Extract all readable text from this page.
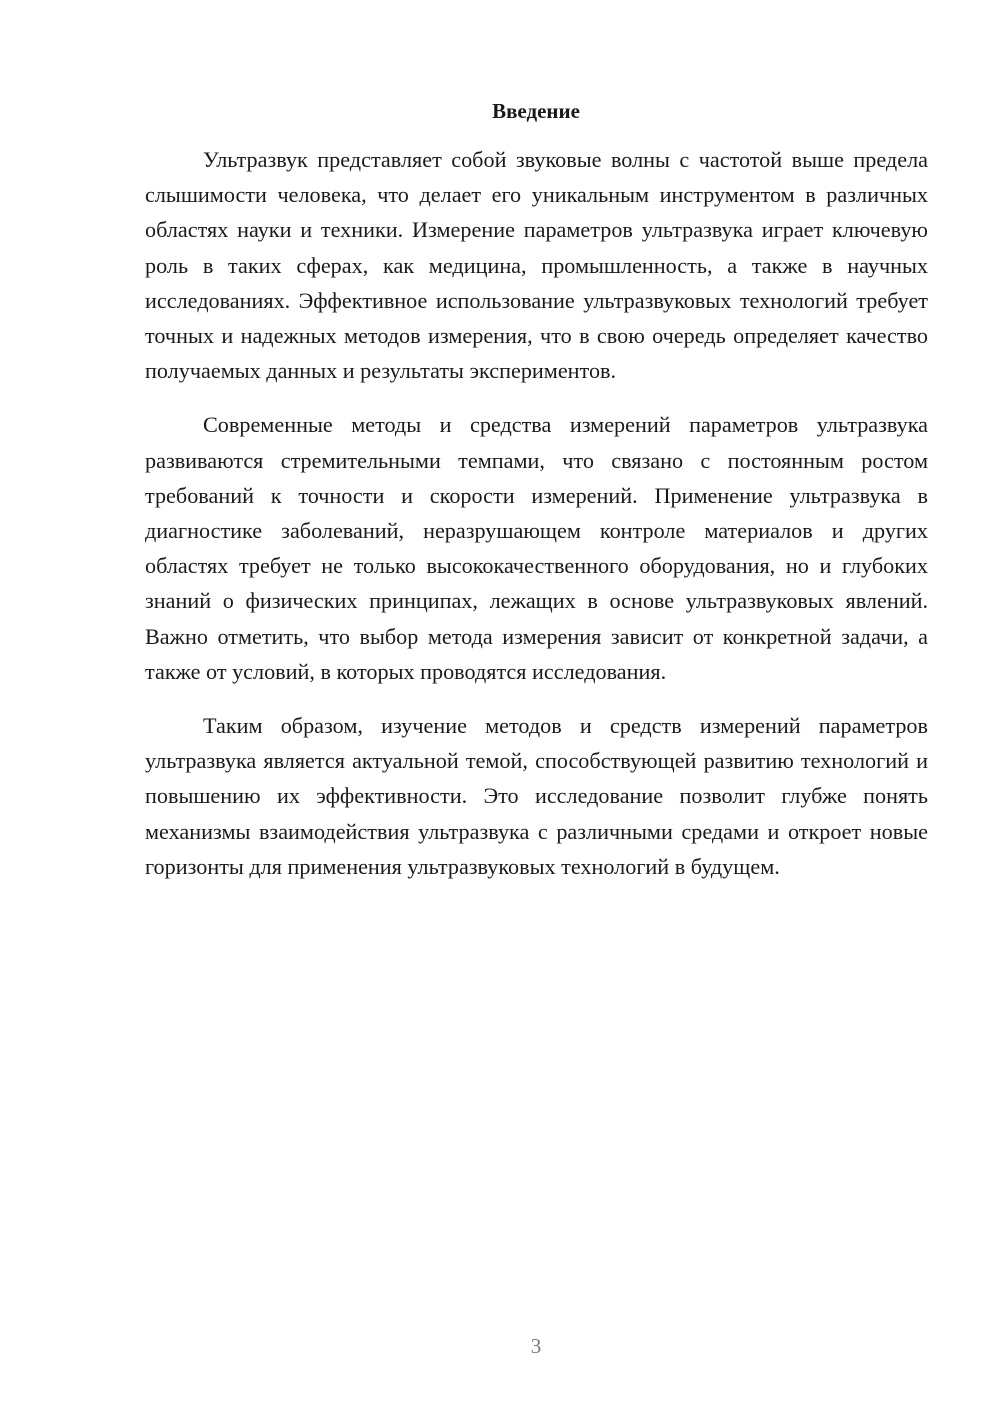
Введение

Ультразвук представляет собой звуковые волны с частотой выше предела слышимости человека, что делает его уникальным инструментом в различных областях науки и техники. Измерение параметров ультразвука играет ключевую роль в таких сферах, как медицина, промышленность, а также в научных исследованиях. Эффективное использование ультразвуковых технологий требует точных и надежных методов измерения, что в свою очередь определяет качество получаемых данных и результаты экспериментов.

Современные методы и средства измерений параметров ультразвука развиваются стремительными темпами, что связано с постоянным ростом требований к точности и скорости измерений. Применение ультразвука в диагностике заболеваний, неразрушающем контроле материалов и других областях требует не только высококачественного оборудования, но и глубоких знаний о физических принципах, лежащих в основе ультразвуковых явлений. Важно отметить, что выбор метода измерения зависит от конкретной задачи, а также от условий, в которых проводятся исследования.

Таким образом, изучение методов и средств измерений параметров ультразвука является актуальной темой, способствующей развитию технологий и повышению их эффективности. Это исследование позволит глубже понять механизмы взаимодействия ультразвука с различными средами и откроет новые горизонты для применения ультразвуковых технологий в будущем.

3
